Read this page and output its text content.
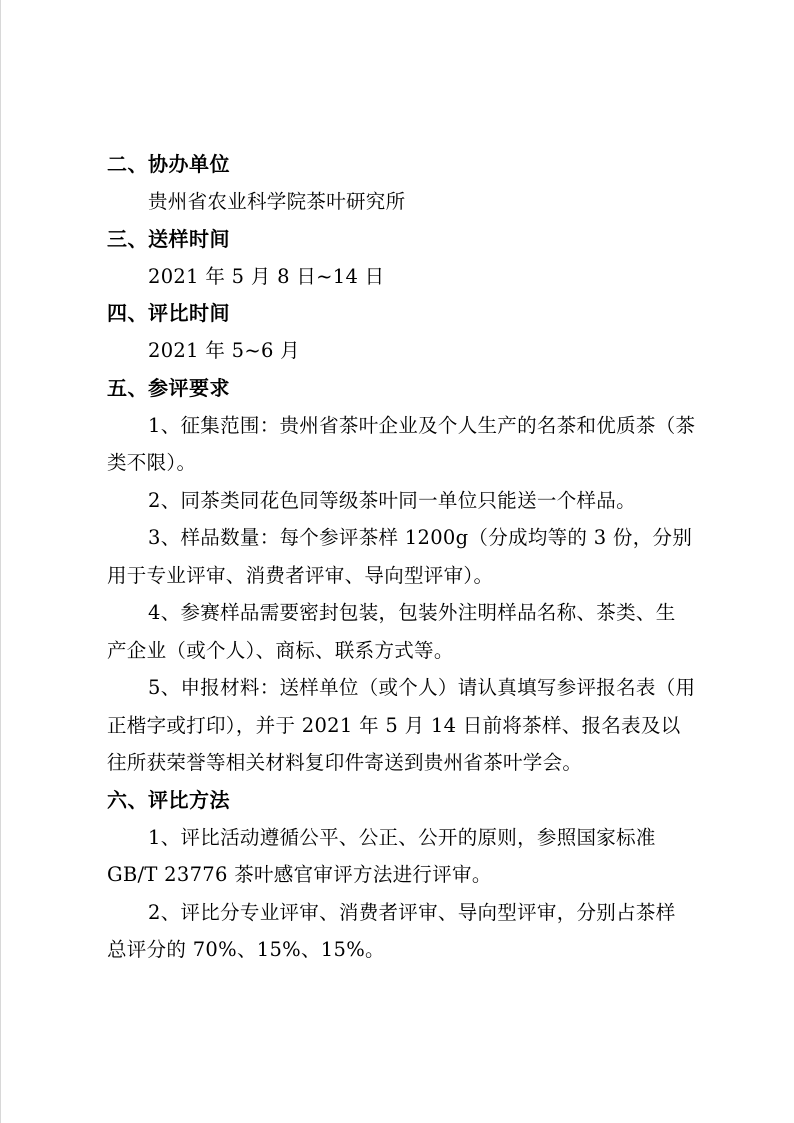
二、协办单位

贵州省农业科学院茶叶研究所

三、送样时间

2021 年 5 月 8 日~14 日

四、评比时间

2021 年 5~6 月

五、参评要求

1、征集范围：贵州省茶叶企业及个人生产的名茶和优质茶（茶
类不限）。

2、同茶类同花色同等级茶叶同一单位只能送一个样品。

3、样品数量：每个参评茶样 1200g（分成均等的 3 份，分别
用于专业评审、消费者评审、导向型评审）。

4、参赛样品需要密封包装，包装外注明样品名称、茶类、生
产企业（或个人）、商标、联系方式等。

5、申报材料：送样单位（或个人）请认真填写参评报名表（用
正楷字或打印），并于 2021 年 5 月 14 日前将茶样、报名表及以
往所获荣誉等相关材料复印件寄送到贵州省茶叶学会。

六、评比方法

1、评比活动遵循公平、公正、公开的原则，参照国家标准
GB/T 23776 茶叶感官审评方法进行评审。

2、评比分专业评审、消费者评审、导向型评审，分别占茶样
总评分的 70%、15%、15%。
